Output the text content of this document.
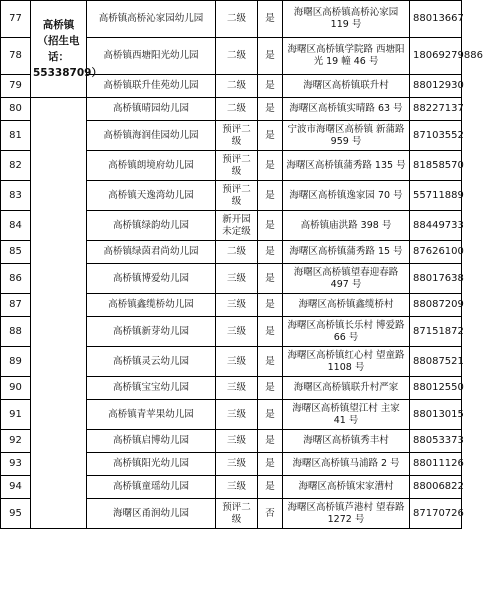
77	高桥镇（招生电话：55338709）	高桥镇高桥沁家园幼儿园	二级	是	海曙区高桥镇高桥沁家园 119 号	88013667
78		高桥镇西塘阳光幼儿园	二级	是	海曙区高桥镇学院路 西塘阳光 19 幢 46 号	18069279886
79		高桥镇联升佳苑幼儿园	二级	是	海曙区高桥镇联升村	88012930
80		高桥镇晴园幼儿园	二级	是	海曙区高桥镇实晴路 63 号	88227137
81		高桥镇海润佳园幼儿园	预评二级	是	宁波市海曙区高桥镇 新蒲路 959 号	87103552
82		高桥镇朗境府幼儿园	预评二级	是	海曙区高桥镇蒲秀路 135 号	81858570
83		高桥镇天逸湾幼儿园	预评二级	是	海曙区高桥镇逸家园 70 号	55711889
84		高桥镇绿韵幼儿园	新开园 未定级	是	高桥镇庙洪路 398 号	88449733
85		高桥镇绿茵君尚幼儿园	二级	是	海曙区高桥镇蒲秀路 15 号	87626100
86		高桥镇博爱幼儿园	三级	是	海曙区高桥镇望春迎春路 497 号	88017638
87		高桥镇鑫缆桥幼儿园	三级	是	海曙区高桥镇鑫缆桥村	88087209
88		高桥镇新芽幼儿园	三级	是	海曙区高桥镇长乐村 博爱路 66 号	87151872
89		高桥镇灵云幼儿园	三级	是	海曙区高桥镇红心村 望童路 1108 号	88087521
90		高桥镇宝宝幼儿园	三级	是	海曙区高桥镇联升村严家	88012550
91		高桥镇青苹果幼儿园	三级	是	海曙区高桥镇望江村 主家 41 号	88013015
92		高桥镇启博幼儿园	三级	是	海曙区高桥镇秀丰村	88053373
93		高桥镇阳光幼儿园	三级	是	海曙区高桥镇马浦路 2 号	88011126
94		高桥镇童瑶幼儿园	三级	是	海曙区高桥镇宋家漕村	88006822
95		海曙区甬润幼儿园	预评二级	否	海曙区高桥镇芦港村 望春路 1272 号	87170726
